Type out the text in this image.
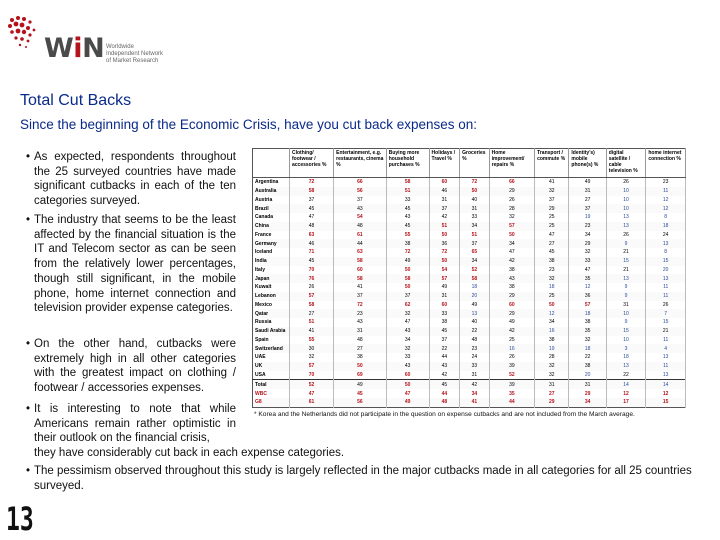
WiN Worldwide
Independent Network
of Market Research
Total Cut Backs
Since the beginning of the Economic Crisis, have you cut back expenses on:
• As expected, respondents throughout the 25 surveyed countries have made significant cutbacks in each of the ten categories surveyed.
• The industry that seems to be the least affected by the financial situation is the IT and Telecom sector as can be seen from the relatively lower percentages, though still significant, in the mobile phone, home internet connection and television provider expense categories.
• On the other hand, cutbacks were extremely high in all other categories with the greatest impact on clothing / footwear / accessories expenses.
• It is interesting to note that while Americans remain rather optimistic in their outlook on the financial crisis,
they have considerably cut back in each expense categories.
• The pessimism observed throughout this study is largely reflected in the major cutbacks made in all categories for all 25 countries surveyed.
	Clothing/ footwear / accessories %	Entertainment, e.g. restaurants, cinema %	Buying more household purchases %	Holidays / Travel %	Groceries %	Home improvement/ repairs %	Transport / commute %	Identity's) mobile phone(s) %	digital satellite / cable television %	home internet connection %
Argentina	72	66	58	60	72	66	41	49	26	23
Australia	58	56	51	46	50	29	32	31	10	11
Austria	37	37	33	31	40	26	37	27	10	12
Brazil	45	43	45	37	31	28	29	37	10	12
Canada	47	54	43	42	33	32	25	19	13	8
China	48	48	45	51	34	57	25	23	13	18
France	63	61	55	50	51	50	47	34	26	24
Germany	46	44	38	36	37	34	27	29	9	13
Iceland	71	63	72	72	65	47	45	32	21	8
India	45	58	49	50	34	42	38	33	15	15
Italy	70	60	50	54	52	38	23	47	21	20
Japan	76	58	58	57	58	43	32	35	13	13
Kuwait	26	41	50	49	18	38	18	12	9	11
Lebanon	57	37	37	31	20	29	25	36	9	11
Mexico	58	72	62	60	49	60	50	57	31	26
Qatar	27	23	32	33	13	29	12	18	10	7
Russia	51	43	47	38	40	49	34	38	9	15
Saudi Arabia	41	31	43	45	22	42	16	35	15	21
Spain	55	48	34	37	48	25	38	32	10	11
Switzerland	30	27	32	22	23	16	19	18	3	4
UAE	32	38	33	44	24	26	28	22	18	13
UK	57	50	43	43	33	39	32	38	13	11
USA	70	69	60	42	31	52	32	20	22	13
Total	52	49	50	45	42	39	31	31	14	14
WBC	47	45	47	44	34	35	27	29	12	12
G8	61	56	49	48	41	44	29	34	17	15
* Korea and the Netherlands did not participate in the question on expense cutbacks and are not included from the March average.
13
